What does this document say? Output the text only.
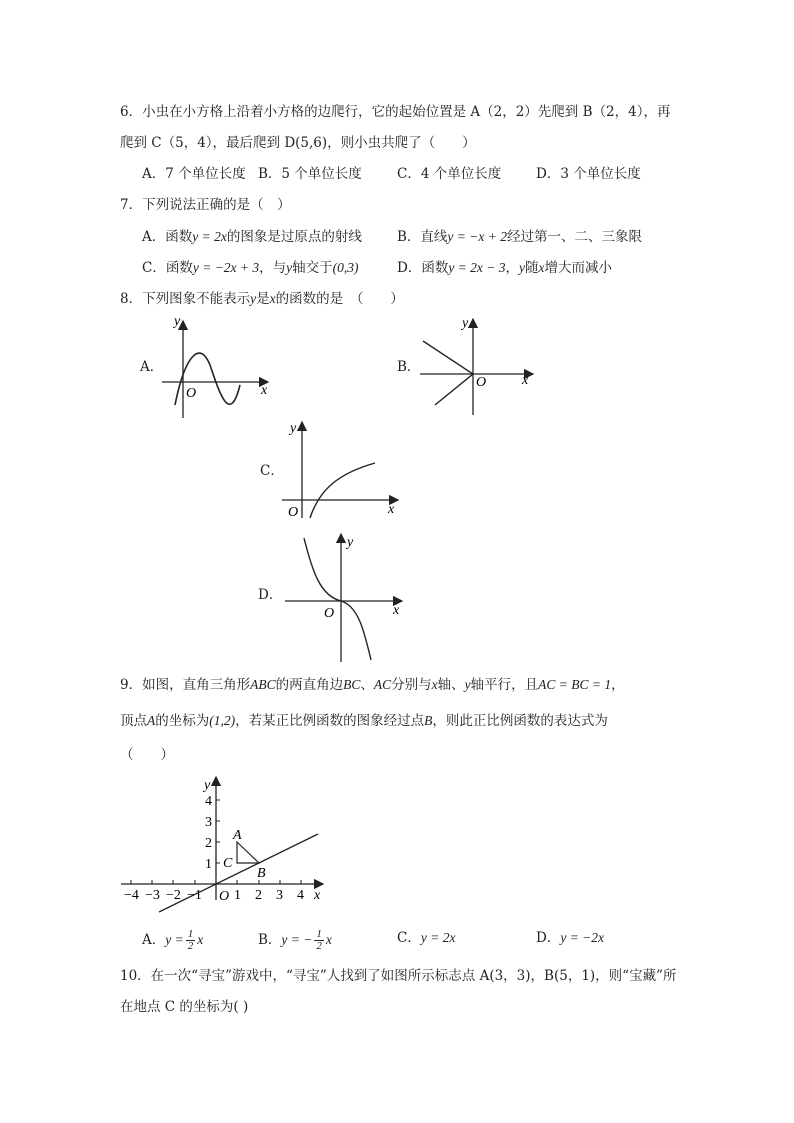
6．小虫在小方格上沿着小方格的边爬行，它的起始位置是 A（2，2）先爬到 B（2，4），再
爬到 C（5，4），最后爬到 D(5,6)，则小虫共爬了（　　）
A．7 个单位长度 B．5 个单位长度	C．4 个单位长度	D．3 个单位长度
7．下列说法正确的是（　）
A．函数y = 2x的图象是过原点的射线	B．直线y = −x + 2经过第一、二、三象限
C．函数y = −2x + 3，与y轴交于(0,3)	D．函数y = 2x − 3，y随x增大而减小
8．下列图象不能表示y是x的函数的是　（　　）
A．
y
x
O
B．
y
x
O
C．
y
x
O
D．
y
x
O
9．如图，直角三角形ABC的两直角边BC、AC分别与x轴、y轴平行，且AC = BC = 1，
顶点A的坐标为(1,2)，若某正比例函数的图象经过点B，则此正比例函数的表达式为
（　　）
−4 −3 −2 −1 1 2 3 4
1
2
3
4
y
x
O
A
C
B
A．$y = \frac{1}{2}$ x	B．y = − $\frac{1}{2}$ x	C．y = 2x	D．y = −2x
10．在一次“寻宝”游戏中，“寻宝”人找到了如图所示标志点 A(3，3)，B(5，1)，则“宝藏”所
在地点 C 的坐标为( )
